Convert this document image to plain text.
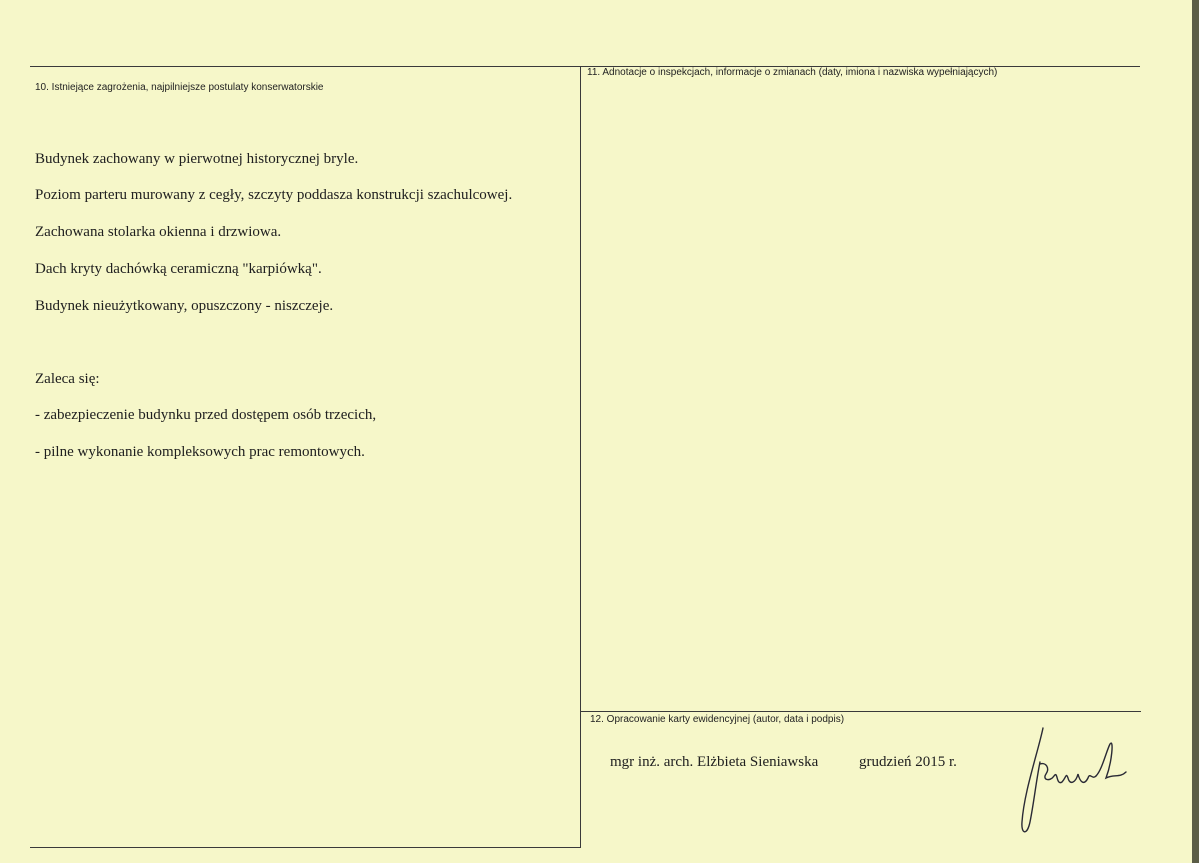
10. Istniejące zagrożenia, najpilniejsze postulaty konserwatorskie
Budynek zachowany w pierwotnej historycznej bryle.
Poziom parteru murowany z cegły, szczyty poddasza konstrukcji szachulcowej.
Zachowana stolarka okienna i drzwiowa.
Dach kryty dachówką ceramiczną "karpiówką".
Budynek nieużytkowany, opuszczony - niszczeje.
Zaleca się:
- zabezpieczenie budynku przed dostępem osób trzecich,
- pilne wykonanie kompleksowych prac remontowych.
11. Adnotacje o inspekcjach, informacje o zmianach (daty, imiona i nazwiska wypełniających)
12. Opracowanie karty ewidencyjnej (autor, data i podpis)
mgr inż. arch. Elżbieta Sieniawska	grudzień 2015 r.
